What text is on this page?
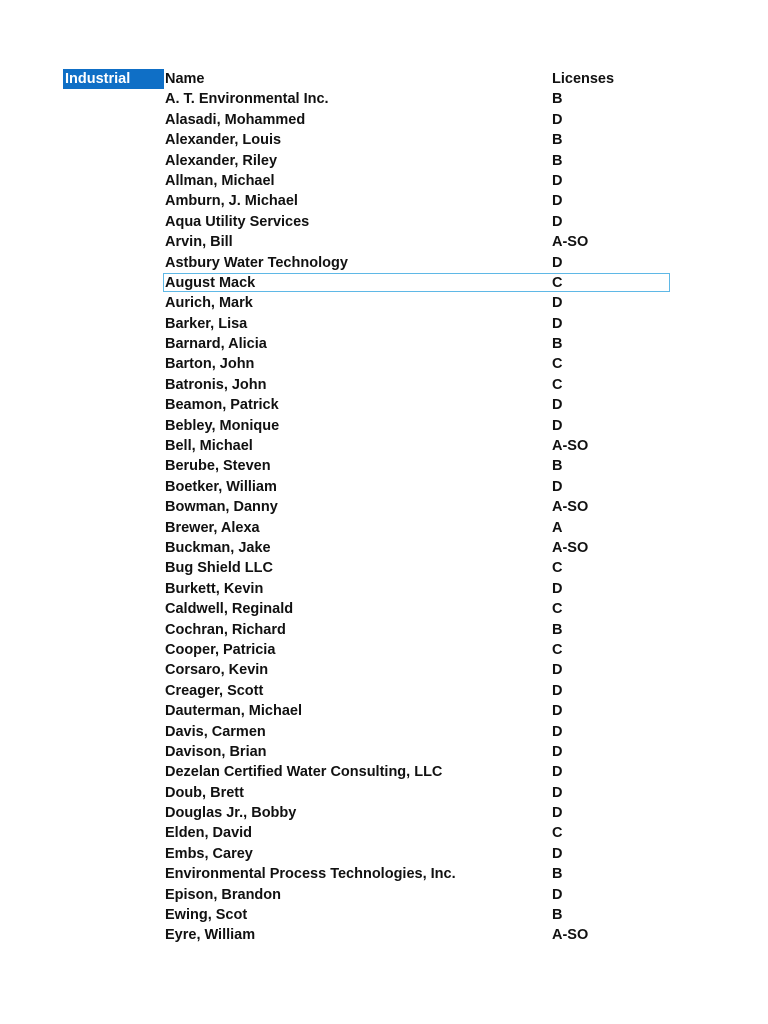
Industrial	Name	Licenses
A. T. Environmental Inc.	B
Alasadi, Mohammed	D
Alexander, Louis	B
Alexander, Riley	B
Allman, Michael	D
Amburn, J. Michael	D
Aqua Utility Services	D
Arvin, Bill	A-SO
Astbury Water Technology	D
August Mack	C
Aurich, Mark	D
Barker, Lisa	D
Barnard, Alicia	B
Barton, John	C
Batronis, John	C
Beamon, Patrick	D
Bebley, Monique	D
Bell, Michael	A-SO
Berube, Steven	B
Boetker, William	D
Bowman, Danny	A-SO
Brewer, Alexa	A
Buckman, Jake	A-SO
Bug Shield LLC	C
Burkett, Kevin	D
Caldwell, Reginald	C
Cochran, Richard	B
Cooper, Patricia	C
Corsaro, Kevin	D
Creager, Scott	D
Dauterman, Michael	D
Davis, Carmen	D
Davison, Brian	D
Dezelan Certified Water Consulting, LLC	D
Doub, Brett	D
Douglas Jr., Bobby	D
Elden, David	C
Embs, Carey	D
Environmental Process Technologies, Inc.	B
Epison, Brandon	D
Ewing, Scot	B
Eyre, William	A-SO
